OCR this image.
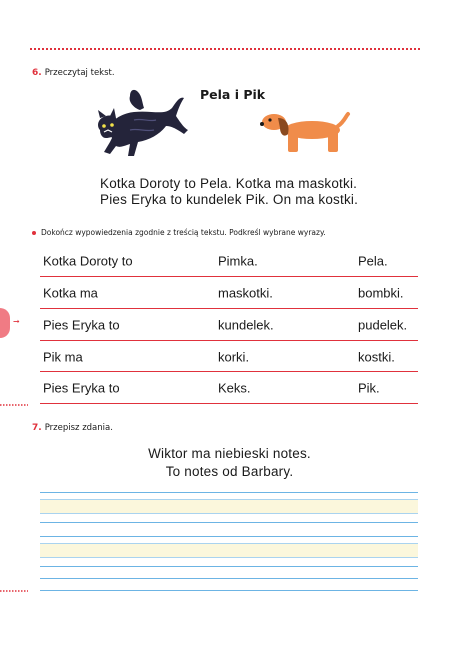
6. Przeczytaj tekst.
Pela i Pik
Kotka Doroty to Pela. Kotka ma maskotki.
Pies Eryka to kundelek Pik. On ma kostki.
Dokończ wypowiedzenia zgodnie z treścią tekstu. Podkreśl wybrane wyrazy.
Kotka Doroty to	Pimka.	Pela.
Kotka ma	maskotki.	bombki.
Pies Eryka to	kundelek.	pudelek.
Pik ma	korki.	kostki.
Pies Eryka to	Keks.	Pik.
➞
7. Przepisz zdania.
Wiktor ma niebieski notes.
To notes od Barbary.
